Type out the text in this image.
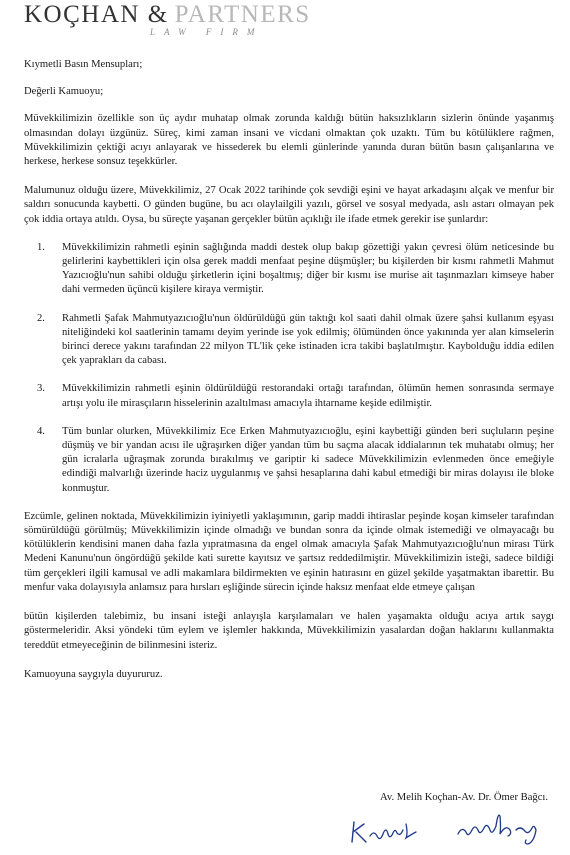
KOÇHAN & PARTNERS
LAW FIRM

Kıymetli Basın Mensupları;

Değerli Kamuoyu;

Müvekkilimizin özellikle son üç aydır muhatap olmak zorunda kaldığı bütün haksızlıkların sizlerin önünde yaşanmış olmasından dolayı üzgünüz. Süreç, kimi zaman insani ve vicdani olmaktan çok uzaktı. Tüm bu kötülüklere rağmen, Müvekkilimizin çektiği acıyı anlayarak ve hissederek bu elemli günlerinde yanında duran bütün basın çalışanlarına ve herkese, herkese sonsuz teşekkürler.

Malumunuz olduğu üzere, Müvekkilimiz, 27 Ocak 2022 tarihinde çok sevdiği eşini ve hayat arkadaşını alçak ve menfur bir saldırı sonucunda kaybetti. O günden bugüne, bu acı olaylailgili yazılı, görsel ve sosyal medyada, aslı astarı olmayan pek çok iddia ortaya atıldı. Oysa, bu süreçte yaşanan gerçekler bütün açıklığı ile ifade etmek gerekir ise şunlardır:

1. Müvekkilimizin rahmetli eşinin sağlığında maddi destek olup bakıp gözettiği yakın çevresi ölüm neticesinde bu gelirlerini kaybettikleri için olsa gerek maddi menfaat peşine düşmüşler; bu kişilerden bir kısmı rahmetli Mahmut Yazıcıoğlu'nun sahibi olduğu şirketlerin içini boşaltmış; diğer bir kısmı ise murise ait taşınmazları kimseye haber dahi vermeden üçüncü kişilere kiraya vermiştir.
2. Rahmetli Şafak Mahmutyazıcıoğlu'nun öldürüldüğü gün taktığı kol saati dahil olmak üzere şahsi kullanım eşyası niteliğindeki kol saatlerinin tamamı deyim yerinde ise yok edilmiş; ölümünden önce yakınında yer alan kimselerin birinci derece yakını tarafından 22 milyon TL'lik çeke istinaden icra takibi başlatılmıştır. Kaybolduğu iddia edilen çek yaprakları da cabası.
3. Müvekkilimizin rahmetli eşinin öldürüldüğü restorandaki ortağı tarafından, ölümün hemen sonrasında sermaye artışı yolu ile mirasçıların hisselerinin azaltılması amacıyla ihtarname keşide edilmiştir.
4. Tüm bunlar olurken, Müvekkilimiz Ece Erken Mahmutyazıcıoğlu, eşini kaybettiği günden beri suçluların peşine düşmüş ve bir yandan acısı ile uğraşırken diğer yandan tüm bu saçma alacak iddialarının tek muhatabı olmuş; her gün icralarla uğraşmak zorunda bırakılmış ve gariptir ki sadece Müvekkilimizin evlenmeden önce emeğiyle edindiği malvarlığı üzerinde haciz uygulanmış ve şahsi hesaplarına dahi kabul etmediği bir miras dolayısı ile bloke konmuştur.

Ezcümle, gelinen noktada, Müvekkilimizin iyiniyetli yaklaşımının, garip maddi ihtiraslar peşinde koşan kimseler tarafından sömürüldüğü görülmüş; Müvekkilimizin içinde olmadığı ve bundan sonra da içinde olmak istemediği ve olmayacağı bu kötülüklerin kendisini manen daha fazla yıpratmasına da engel olmak amacıyla Şafak Mahmutyazıcıoğlu'nun mirası Türk Medeni Kanunu'nun öngördüğü şekilde kati surette kayıtsız ve şartsız reddedilmiştir. Müvekkilimizin isteği, sadece bildiği tüm gerçekleri ilgili kamusal ve adli makamlara bildirmekten ve eşinin hatırasını en güzel şekilde yaşatmaktan ibarettir. Bu menfur vaka dolayısıyla anlamsız para hırsları eşliğinde sürecin içinde haksız menfaat elde etmeye çalışan

bütün kişilerden talebimiz, bu insani isteği anlayışla karşılamaları ve halen yaşamakta olduğu acıya artık saygı göstermeleridir. Aksi yöndeki tüm eylem ve işlemler hakkında, Müvekkilimizin yasalardan doğan haklarını kullanmakta tereddüt etmeyeceğinin de bilinmesini isteriz.

Kamuoyuna saygıyla duyururuz.

Av. Melih Koçhan-Av. Dr. Ömer Bağcı.
